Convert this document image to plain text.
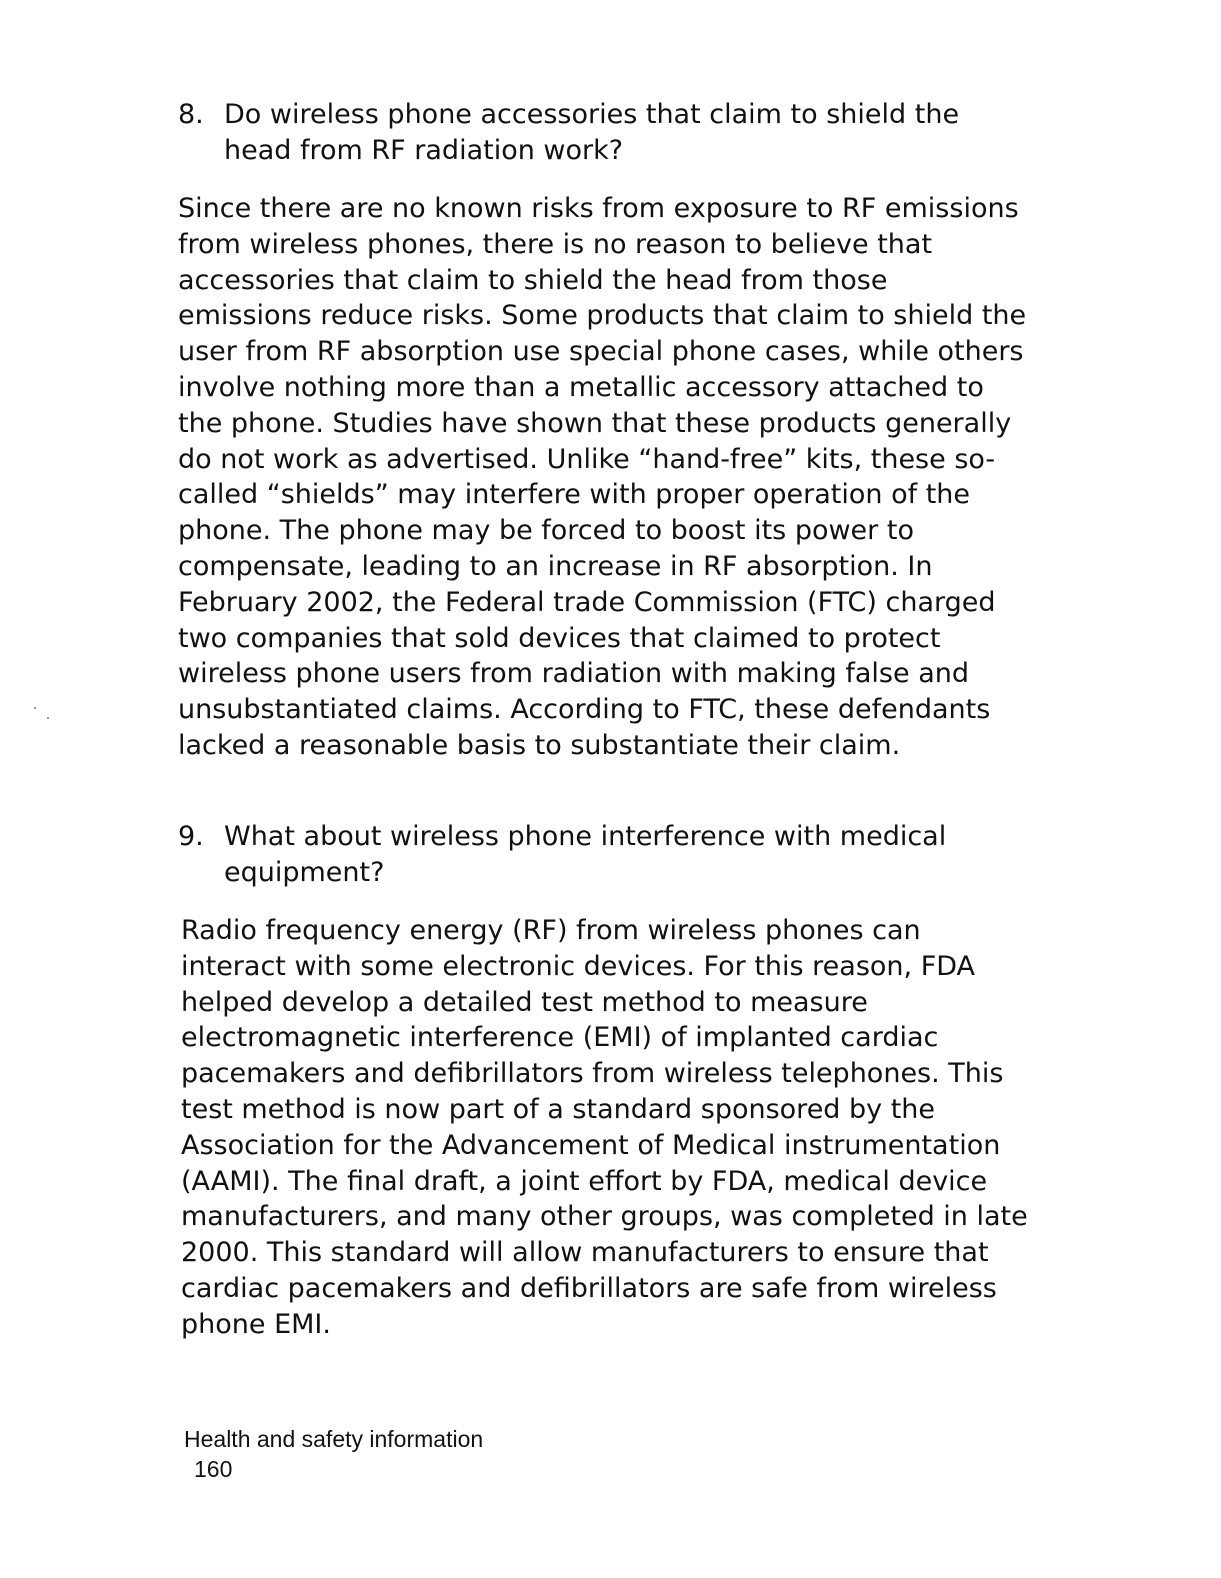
8. Do wireless phone accessories that claim to shield the head from RF radiation work?
Since there are no known risks from exposure to RF emissions from wireless phones, there is no reason to believe that accessories that claim to shield the head from those emissions reduce risks. Some products that claim to shield the user from RF absorption use special phone cases, while others involve nothing more than a metallic accessory attached to the phone. Studies have shown that these products generally do not work as advertised. Unlike “hand-free” kits, these so-called “shields” may interfere with proper operation of the phone. The phone may be forced to boost its power to compensate, leading to an increase in RF absorption. In February 2002, the Federal trade Commission (FTC) charged two companies that sold devices that claimed to protect wireless phone users from radiation with making false and unsubstantiated claims. According to FTC, these defendants lacked a reasonable basis to substantiate their claim.
9. What about wireless phone interference with medical equipment?
Radio frequency energy (RF) from wireless phones can interact with some electronic devices. For this reason, FDA helped develop a detailed test method to measure electromagnetic interference (EMI) of implanted cardiac pacemakers and defibrillators from wireless telephones. This test method is now part of a standard sponsored by the Association for the Advancement of Medical instrumentation (AAMI). The final draft, a joint effort by FDA, medical device manufacturers, and many other groups, was completed in late 2000. This standard will allow manufacturers to ensure that cardiac pacemakers and defibrillators are safe from wireless phone EMI.
Health and safety information
160
